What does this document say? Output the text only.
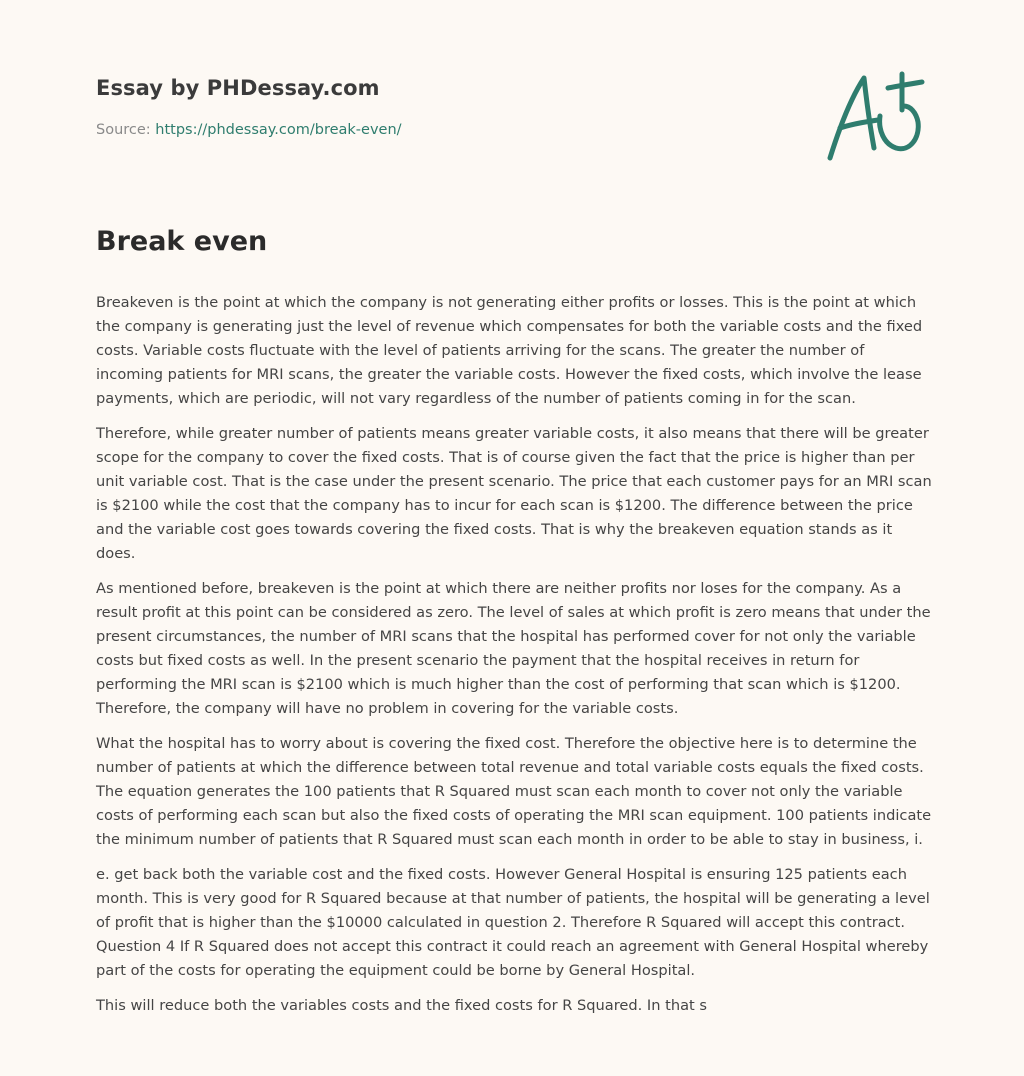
Essay by PHDessay.com
Source: https://phdessay.com/break-even/
Break even

Breakeven is the point at which the company is not generating either profits or losses. This is the point at which the company is generating just the level of revenue which compensates for both the variable costs and the fixed costs. Variable costs fluctuate with the level of patients arriving for the scans. The greater the number of incoming patients for MRI scans, the greater the variable costs. However the fixed costs, which involve the lease payments, which are periodic, will not vary regardless of the number of patients coming in for the scan.

Therefore, while greater number of patients means greater variable costs, it also means that there will be greater scope for the company to cover the fixed costs. That is of course given the fact that the price is higher than per unit variable cost. That is the case under the present scenario. The price that each customer pays for an MRI scan is $2100 while the cost that the company has to incur for each scan is $1200. The difference between the price and the variable cost goes towards covering the fixed costs. That is why the breakeven equation stands as it does.

As mentioned before, breakeven is the point at which there are neither profits nor loses for the company. As a result profit at this point can be considered as zero. The level of sales at which profit is zero means that under the present circumstances, the number of MRI scans that the hospital has performed cover for not only the variable costs but fixed costs as well. In the present scenario the payment that the hospital receives in return for performing the MRI scan is $2100 which is much higher than the cost of performing that scan which is $1200. Therefore, the company will have no problem in covering for the variable costs.

What the hospital has to worry about is covering the fixed cost. Therefore the objective here is to determine the number of patients at which the difference between total revenue and total variable costs equals the fixed costs. The equation generates the 100 patients that R Squared must scan each month to cover not only the variable costs of performing each scan but also the fixed costs of operating the MRI scan equipment. 100 patients indicate the minimum number of patients that R Squared must scan each month in order to be able to stay in business, i.

e. get back both the variable cost and the fixed costs. However General Hospital is ensuring 125 patients each month. This is very good for R Squared because at that number of patients, the hospital will be generating a level of profit that is higher than the $10000 calculated in question 2. Therefore R Squared will accept this contract. Question 4 If R Squared does not accept this contract it could reach an agreement with General Hospital whereby part of the costs for operating the equipment could be borne by General Hospital.

This will reduce both the variables costs and the fixed costs for R Squared. In that s
